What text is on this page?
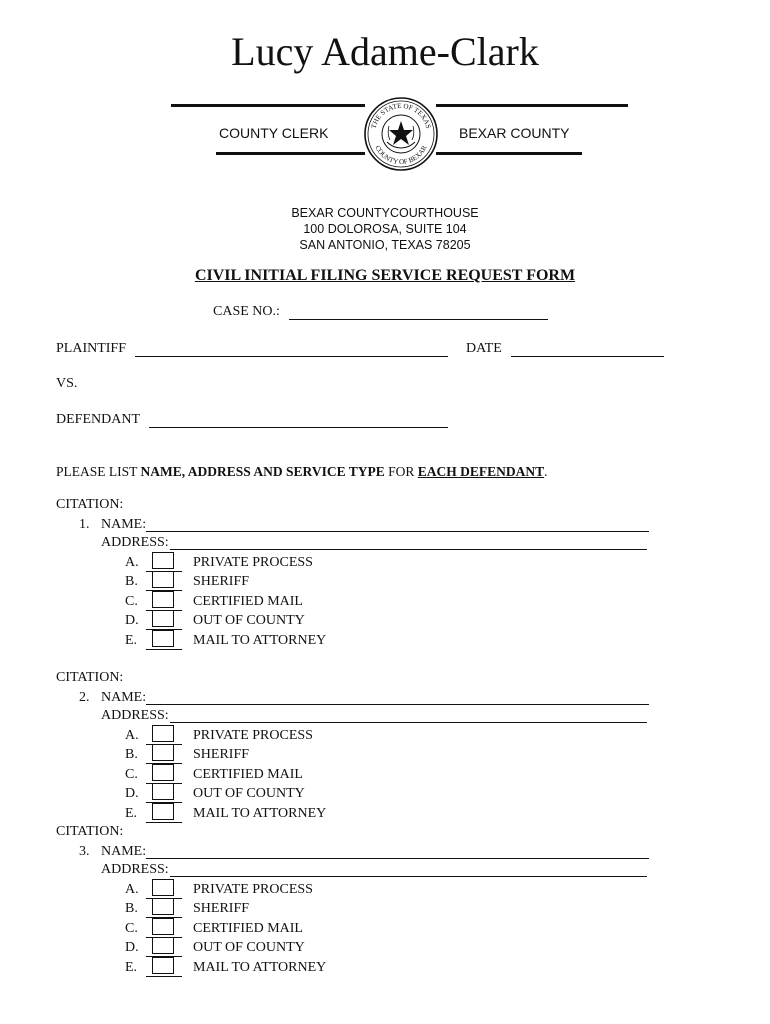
Lucy Adame-Clark
COUNTY CLERK	BEXAR COUNTY
THE STATE OF TEXAS
COUNTY OF BEXAR
BEXAR COUNTYCOURTHOUSE
100 DOLOROSA, SUITE 104
SAN ANTONIO, TEXAS 78205
CIVIL INITIAL FILING SERVICE REQUEST FORM
CASE NO.:
PLAINTIFF	DATE
VS.
DEFENDANT
PLEASE LIST NAME, ADDRESS AND SERVICE TYPE FOR EACH DEFENDANT.
CITATION:
1. NAME:
ADDRESS:
A.	PRIVATE PROCESS
B.	SHERIFF
C.	CERTIFIED MAIL
D.	OUT OF COUNTY
E.	MAIL TO ATTORNEY
CITATION:
2. NAME:
ADDRESS:
A.	PRIVATE PROCESS
B.	SHERIFF
C.	CERTIFIED MAIL
D.	OUT OF COUNTY
E.	MAIL TO ATTORNEY
CITATION:
3. NAME:
ADDRESS:
A.	PRIVATE PROCESS
B.	SHERIFF
C.	CERTIFIED MAIL
D.	OUT OF COUNTY
E.	MAIL TO ATTORNEY
